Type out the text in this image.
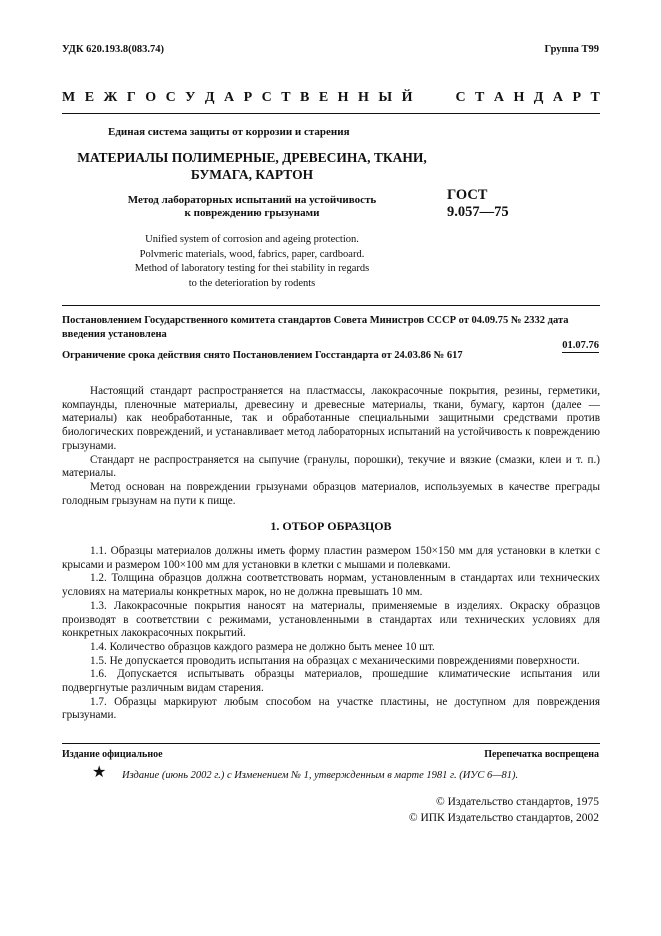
УДК 620.193.8(083.74)	Группа Т99
М Е Ж Г О С У Д А Р С Т В Е Н Н Ы Й	С Т А Н Д А Р Т
Единая система защиты от коррозии и старения
МАТЕРИАЛЫ ПОЛИМЕРНЫЕ, ДРЕВЕСИНА, ТКАНИ,
БУМАГА, КАРТОН
Метод лабораторных испытаний на устойчивость
к повреждению грызунами
ГОСТ
9.057—75
Unified system of corrosion and ageing protection.
Polvmeric materials, wood, fabrics, paper, cardboard.
Method of laboratory testing for thei stability in regards
to the deterioration by rodents
Постановлением Государственного комитета стандартов Совета Министров СССР от 04.09.75 № 2332 дата введения установлена
01.07.76
Ограничение срока действия снято Постановлением Госстандарта от 24.03.86 № 617

Настоящий стандарт распространяется на пластмассы, лакокрасочные покрытия, резины, герметики, компаунды, пленочные материалы, древесину и древесные материалы, ткани, бумагу, картон (далее — материалы) как необработанные, так и обработанные специальными защитными средствами против биологических повреждений, и устанавливает метод лабораторных испытаний на устойчивость к повреждению грызунами.

Стандарт не распространяется на сыпучие (гранулы, порошки), текучие и вязкие (смазки, клеи и т. п.) материалы.

Метод основан на повреждении грызунами образцов материалов, используемых в качестве преграды голодным грызунам на пути к пище.

1. ОТБОР ОБРАЗЦОВ

1.1. Образцы материалов должны иметь форму пластин размером 150×150 мм для установки в клетки с крысами и размером 100×100 мм для установки в клетки с мышами и полевками.

1.2. Толщина образцов должна соответствовать нормам, установленным в стандартах или технических условиях на материалы конкретных марок, но не должна превышать 10 мм.

1.3. Лакокрасочные покрытия наносят на материалы, применяемые в изделиях. Окраску образцов производят в соответствии с режимами, установленными в стандартах или технических условиях для конкретных лакокрасочных покрытий.

1.4. Количество образцов каждого размера не должно быть менее 10 шт.

1.5. Не допускается проводить испытания на образцах с механическими повреждениями поверхности.

1.6. Допускается испытывать образцы материалов, прошедшие климатические испытания или подвергнутые различным видам старения.

1.7. Образцы маркируют любым способом на участке пластины, не доступном для повреждения грызунами.

Издание официальное	Перепечатка воспрещена
★ Издание (июнь 2002 г.) с Изменением № 1, утвержденным в марте 1981 г. (ИУС 6—81).
© Издательство стандартов, 1975
© ИПК Издательство стандартов, 2002
